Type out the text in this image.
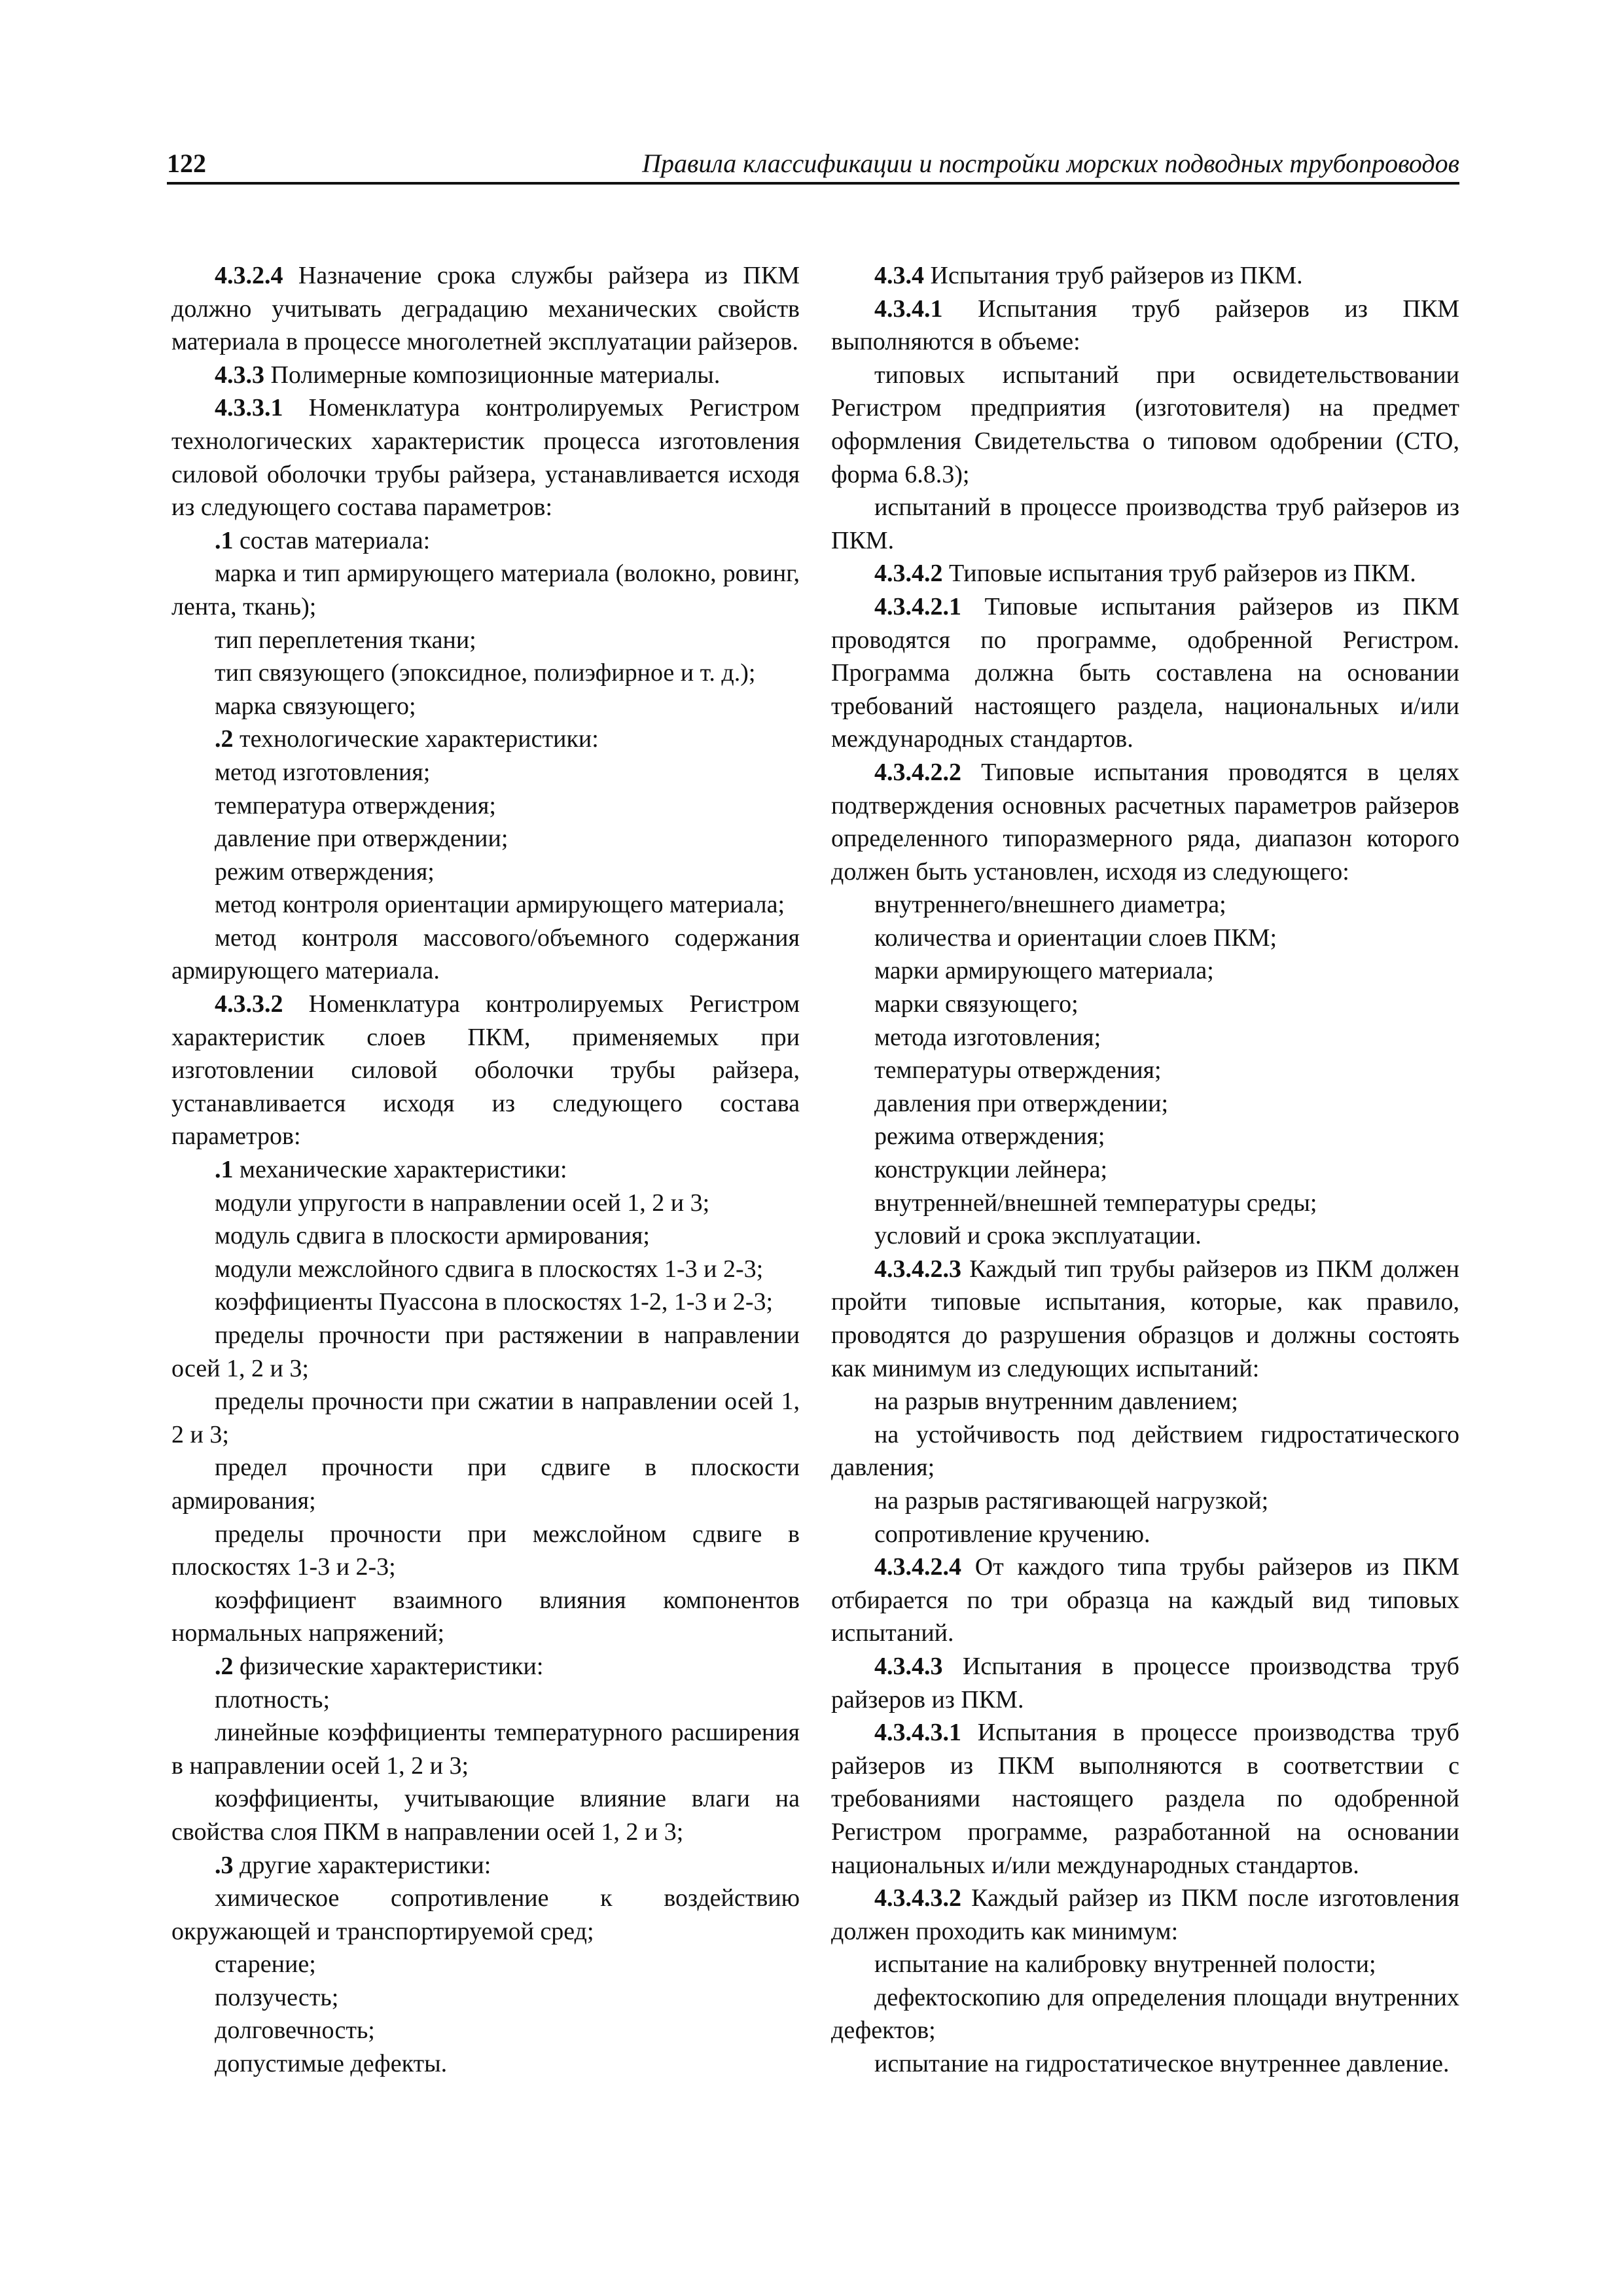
122	Правила классификации и постройки морских подводных трубопроводов

4.3.2.4 Назначение срока службы райзера из ПКМ должно учитывать деградацию механических свойств материала в процессе многолетней эксплуатации райзеров.

4.3.3 Полимерные композиционные материалы.

4.3.3.1 Номенклатура контролируемых Регистром технологических характеристик процесса изготовления силовой оболочки трубы райзера, устанавливается исходя из следующего состава параметров:

.1 состав материала:

марка и тип армирующего материала (волокно, ровинг, лента, ткань);

тип переплетения ткани;

тип связующего (эпоксидное, полиэфирное и т. д.);

марка связующего;

.2 технологические характеристики:

метод изготовления;

температура отверждения;

давление при отверждении;

режим отверждения;

метод контроля ориентации армирующего материала;

метод контроля массового/объемного содержания армирующего материала.

4.3.3.2 Номенклатура контролируемых Регистром характеристик слоев ПКМ, применяемых при изготовлении силовой оболочки трубы райзера, устанавливается исходя из следующего состава параметров:

.1 механические характеристики:

модули упругости в направлении осей 1, 2 и 3;

модуль сдвига в плоскости армирования;

модули межслойного сдвига в плоскостях 1-3 и 2-3;

коэффициенты Пуассона в плоскостях 1-2, 1-3 и 2-3;

пределы прочности при растяжении в направлении осей 1, 2 и 3;

пределы прочности при сжатии в направлении осей 1, 2 и 3;

предел прочности при сдвиге в плоскости армирования;

пределы прочности при межслойном сдвиге в плоскостях 1-3 и 2-3;

коэффициент взаимного влияния компонентов нормальных напряжений;

.2 физические характеристики:

плотность;

линейные коэффициенты температурного расширения в направлении осей 1, 2 и 3;

коэффициенты, учитывающие влияние влаги на свойства слоя ПКМ в направлении осей 1, 2 и 3;

.3 другие характеристики:

химическое сопротивление к воздействию окружающей и транспортируемой сред;

старение;

ползучесть;

долговечность;

допустимые дефекты.

4.3.4 Испытания труб райзеров из ПКМ.

4.3.4.1 Испытания труб райзеров из ПКМ выполняются в объеме:

типовых испытаний при освидетельствовании Регистром предприятия (изготовителя) на предмет оформления Свидетельства о типовом одобрении (СТО, форма 6.8.3);

испытаний в процессе производства труб райзеров из ПКМ.

4.3.4.2 Типовые испытания труб райзеров из ПКМ.

4.3.4.2.1 Типовые испытания райзеров из ПКМ проводятся по программе, одобренной Регистром. Программа должна быть составлена на основании требований настоящего раздела, национальных и/или международных стандартов.

4.3.4.2.2 Типовые испытания проводятся в целях подтверждения основных расчетных параметров райзеров определенного типоразмерного ряда, диапазон которого должен быть установлен, исходя из следующего:

внутреннего/внешнего диаметра;

количества и ориентации слоев ПКМ;

марки армирующего материала;

марки связующего;

метода изготовления;

температуры отверждения;

давления при отверждении;

режима отверждения;

конструкции лейнера;

внутренней/внешней температуры среды;

условий и срока эксплуатации.

4.3.4.2.3 Каждый тип трубы райзеров из ПКМ должен пройти типовые испытания, которые, как правило, проводятся до разрушения образцов и должны состоять как минимум из следующих испытаний:

на разрыв внутренним давлением;

на устойчивость под действием гидростатического давления;

на разрыв растягивающей нагрузкой;

сопротивление кручению.

4.3.4.2.4 От каждого типа трубы райзеров из ПКМ отбирается по три образца на каждый вид типовых испытаний.

4.3.4.3 Испытания в процессе производства труб райзеров из ПКМ.

4.3.4.3.1 Испытания в процессе производства труб райзеров из ПКМ выполняются в соответствии с требованиями настоящего раздела по одобренной Регистром программе, разработанной на основании национальных и/или международных стандартов.

4.3.4.3.2 Каждый райзер из ПКМ после изготовления должен проходить как минимум:

испытание на калибровку внутренней полости;

дефектоскопию для определения площади внутренних дефектов;

испытание на гидростатическое внутреннее давление.
